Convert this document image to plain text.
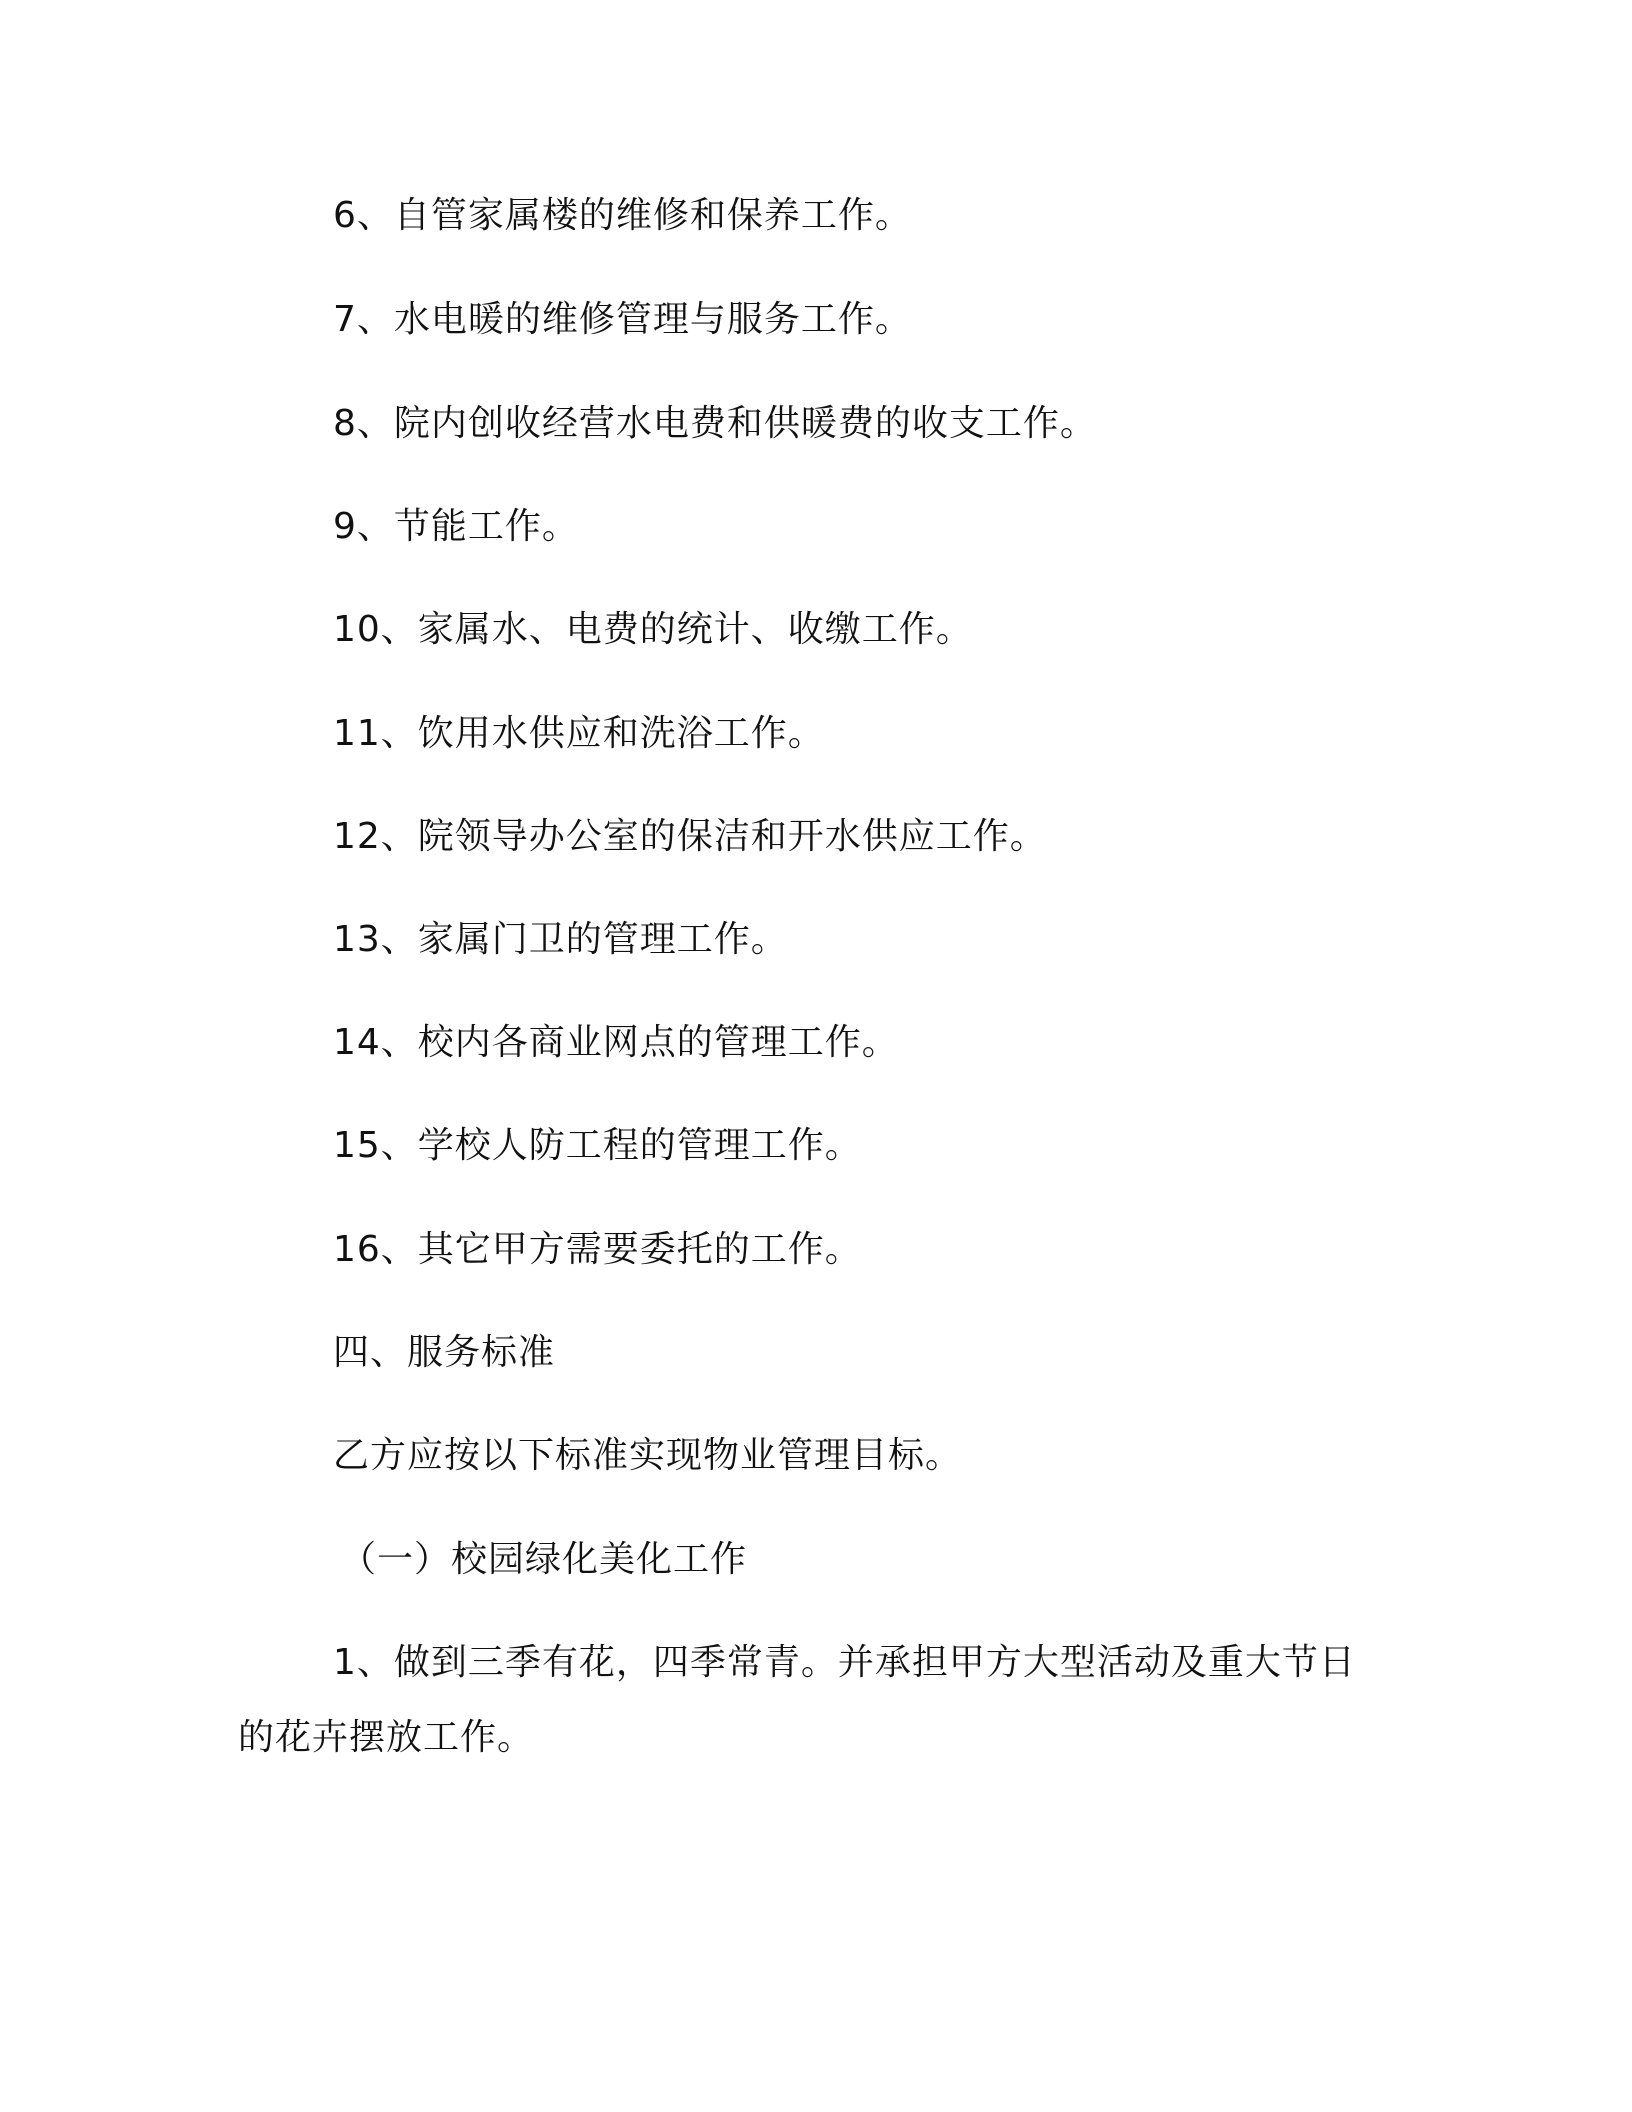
6、自管家属楼的维修和保养工作。
7、水电暖的维修管理与服务工作。
8、院内创收经营水电费和供暖费的收支工作。
9、节能工作。
10、家属水、电费的统计、收缴工作。
11、饮用水供应和洗浴工作。
12、院领导办公室的保洁和开水供应工作。
13、家属门卫的管理工作。
14、校内各商业网点的管理工作。
15、学校人防工程的管理工作。
16、其它甲方需要委托的工作。
四、服务标准
乙方应按以下标准实现物业管理目标。
（一）校园绿化美化工作
1、做到三季有花，四季常青。并承担甲方大型活动及重大节日
的花卉摆放工作。
